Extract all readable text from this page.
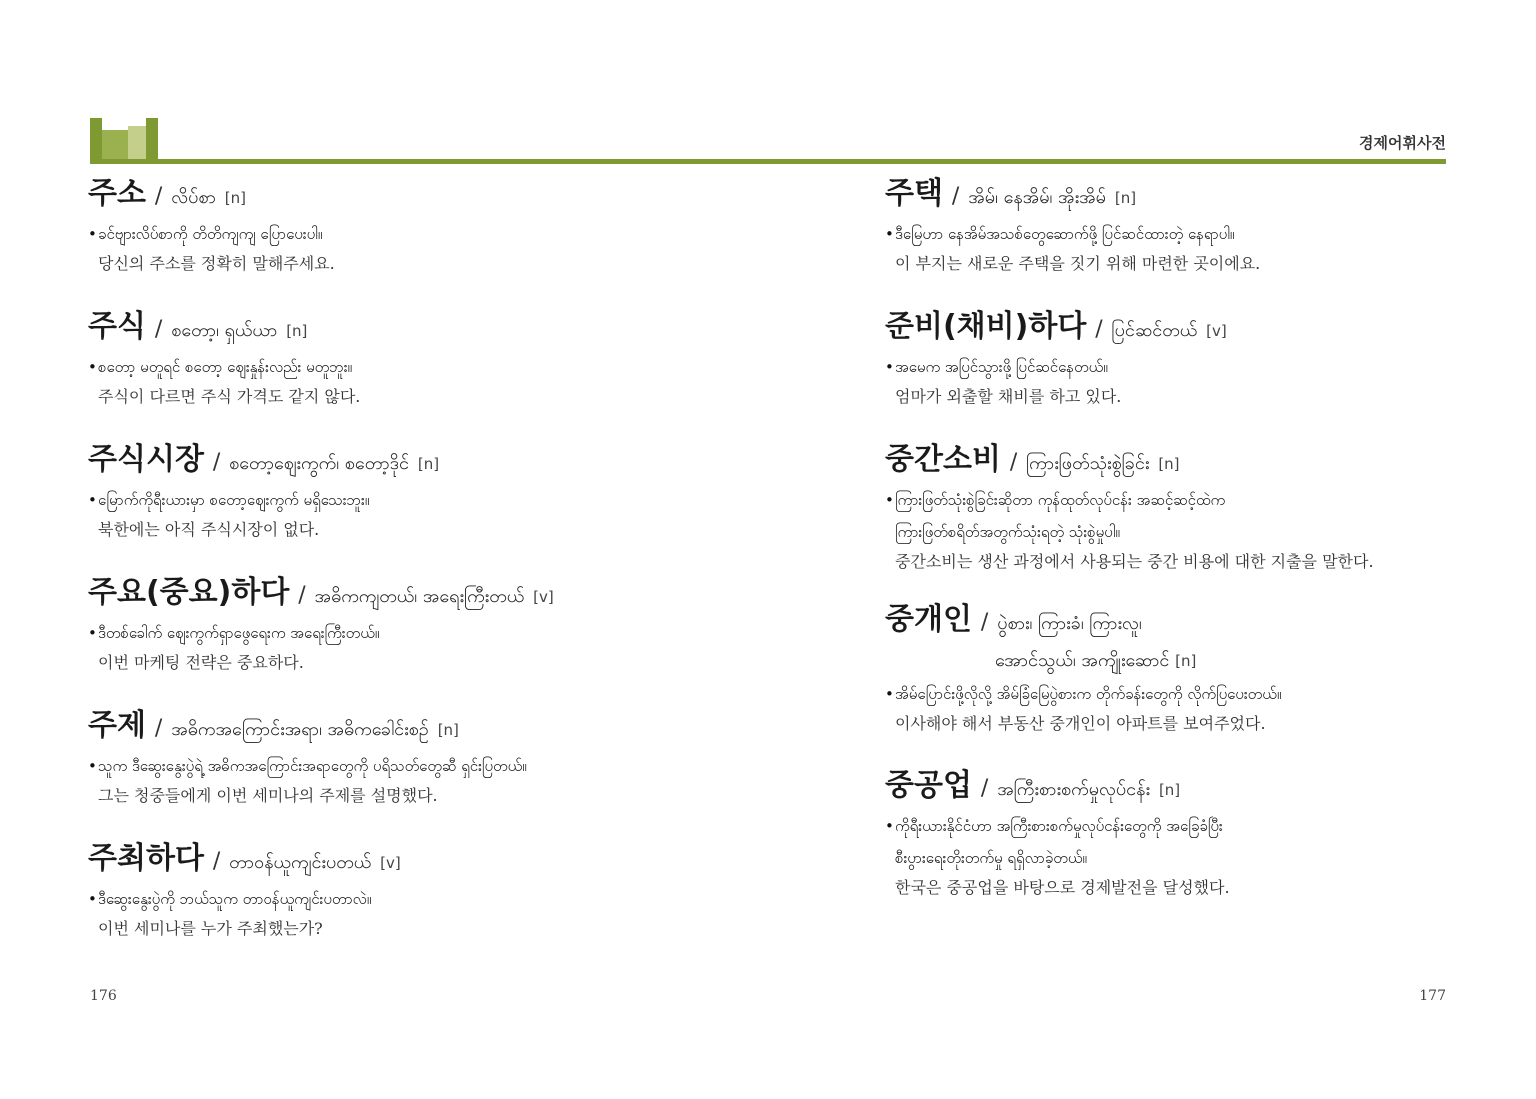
경제어휘사전
주소 / လိပ်စာ [n]
•ခင်ဗျားလိပ်စာကို တိတိကျကျ ပြောပေးပါ။
당신의 주소를 정확히 말해주세요.
주식 / စတော့၊ ရှယ်ယာ [n]
•စတော့ မတူရင် စတော့ ဈေးနှုန်းလည်း မတူဘူး။
주식이 다르면 주식 가격도 같지 않다.
주식시장 / စတော့ဈေးကွက်၊ စတော့ဒိုင် [n]
•မြောက်ကိုရီးယားမှာ စတော့ဈေးကွက် မရှိသေးဘူး။
북한에는 아직 주식시장이 없다.
주요(중요)하다 / အဓိကကျတယ်၊ အရေးကြီးတယ် [v]
•ဒီတစ်ခေါက် ဈေးကွက်ရှာဖွေရေးက အရေးကြီးတယ်။
이번 마케팅 전략은 중요하다.
주제 / အဓိကအကြောင်းအရာ၊ အဓိကခေါင်းစဉ် [n]
•သူက ဒီဆွေးနွေးပွဲရဲ့ အဓိကအကြောင်းအရာတွေကို ပရိသတ်တွေဆီ ရှင်းပြတယ်။
그는 청중들에게 이번 세미나의 주제를 설명했다.
주최하다 / တာဝန်ယူကျင်းပတယ် [v]
•ဒီဆွေးနွေးပွဲကို ဘယ်သူက တာဝန်ယူကျင်းပတာလဲ။
이번 세미나를 누가 주최했는가?
주택 / အိမ်၊ နေအိမ်၊ အိုးအိမ် [n]
•ဒီမြေဟာ နေအိမ်အသစ်တွေဆောက်ဖို့ ပြင်ဆင်ထားတဲ့ နေရာပါ။
이 부지는 새로운 주택을 짓기 위해 마련한 곳이에요.
준비(채비)하다 / ပြင်ဆင်တယ် [v]
•အမေက အပြင်သွားဖို့ ပြင်ဆင်နေတယ်။
엄마가 외출할 채비를 하고 있다.
중간소비 / ကြားဖြတ်သုံးစွဲခြင်း [n]
•ကြားဖြတ်သုံးစွဲခြင်းဆိုတာ ကုန်ထုတ်လုပ်ငန်း အဆင့်ဆင့်ထဲက
ကြားဖြတ်စရိတ်အတွက်သုံးရတဲ့ သုံးစွဲမှုပါ။
중간소비는 생산 과정에서 사용되는 중간 비용에 대한 지출을 말한다.
중개인 / ပွဲစား၊ ကြားခံ၊ ကြားလူ၊
အောင်သွယ်၊ အကျိုးဆောင် [n]
•အိမ်ပြောင်းဖို့လိုလို့ အိမ်ခြံမြေပွဲစားက တိုက်ခန်းတွေကို လိုက်ပြပေးတယ်။
이사해야 해서 부동산 중개인이 아파트를 보여주었다.
중공업 / အကြီးစားစက်မှုလုပ်ငန်း [n]
•ကိုရီးယားနိုင်ငံဟာ အကြီးစားစက်မှုလုပ်ငန်းတွေကို အခြေခံပြီး
စီးပွားရေးတိုးတက်မှု ရရှိလာခဲ့တယ်။
한국은 중공업을 바탕으로 경제발전을 달성했다.
176	177
